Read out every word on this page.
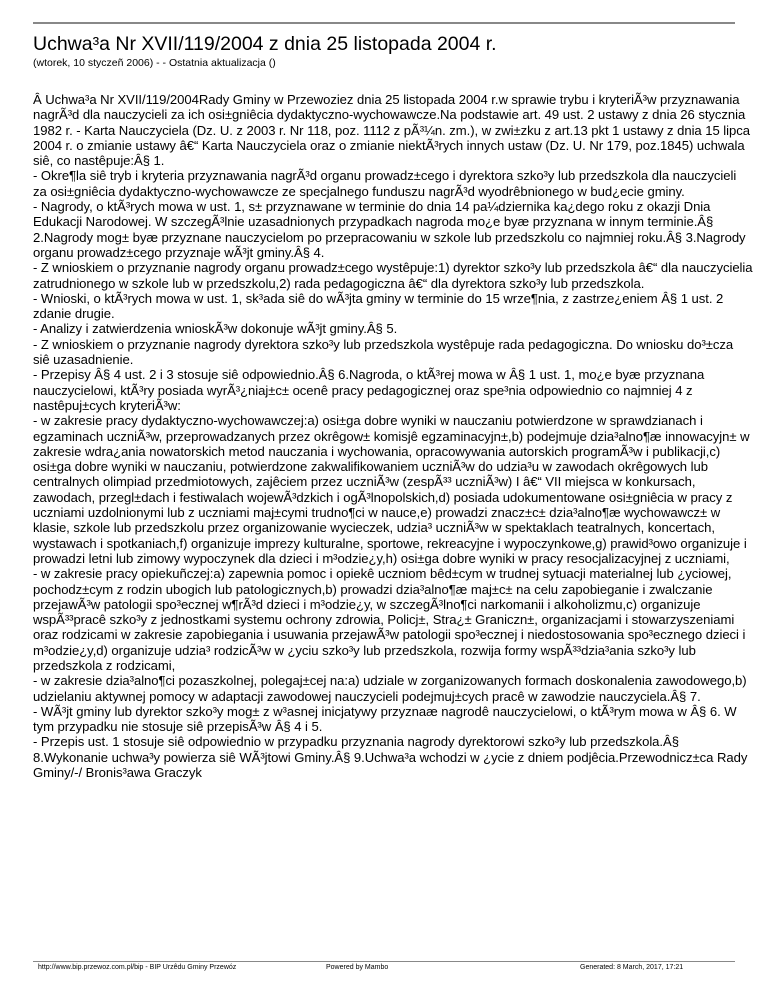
Uchwa³a Nr XVII/119/2004 z dnia 25 listopada 2004 r.
(wtorek, 10 styczeñ 2006) - - Ostatnia aktualizacja ()
Â Uchwa³a Nr XVII/119/2004Rady Gminy w Przewoziez dnia 25 listopada 2004 r.w sprawie trybu i kryteriÃ³w przyznawania nagrÃ³d dla nauczycieli za ich osi±gniêcia dydaktyczno-wychowawcze.Na podstawie art. 49 ust. 2 ustawy z dnia 26 stycznia 1982 r. - Karta Nauczyciela (Dz. U. z 2003 r. Nr 118, poz. 1112 z pÃ³¼n. zm.), w zwi±zku z art.13 pkt 1 ustawy z dnia 15 lipca 2004 r. o zmianie ustawy â€“ Karta Nauczyciela oraz o zmianie niektÃ³rych innych ustaw (Dz. U. Nr 179, poz.1845) uchwala siê, co nastêpuje:Â§ 1.
- Okre¶la siê tryb i kryteria przyznawania nagrÃ³d organu prowadz±cego i dyrektora szko³y lub przedszkola dla nauczycieli za osi±gniêcia dydaktyczno-wychowawcze ze specjalnego funduszu nagrÃ³d wyodrêbnionego w bud¿ecie gminy.
- Nagrody, o ktÃ³rych mowa w ust. 1, s± przyznawane w terminie do dnia 14 pa¼dziernika ka¿dego roku z okazji Dnia Edukacji Narodowej. W szczegÃ³lnie uzasadnionych przypadkach nagroda mo¿e byæ przyznana w innym terminie.Â§ 2.Nagrody mog± byæ przyznane nauczycielom po przepracowaniu w szkole lub przedszkolu co najmniej roku.Â§ 3.Nagrody organu prowadz±cego przyznaje wÃ³jt gminy.Â§ 4.
- Z wnioskiem o przyznanie nagrody organu prowadz±cego wystêpuje:1) dyrektor szko³y lub przedszkola â€“ dla nauczycielia zatrudnionego w szkole lub w przedszkolu,2) rada pedagogiczna â€“ dla dyrektora szko³y lub przedszkola.
- Wnioski, o ktÃ³rych mowa w ust. 1, sk³ada siê do wÃ³jta gminy w terminie do 15 wrze¶nia, z zastrze¿eniem Â§ 1 ust. 2 zdanie drugie.
- Analizy i zatwierdzenia wnioskÃ³w dokonuje wÃ³jt gminy.Â§ 5.
- Z wnioskiem o przyznanie nagrody dyrektora szko³y lub przedszkola wystêpuje rada pedagogiczna. Do wniosku do³±cza siê uzasadnienie.
- Przepisy Â§ 4 ust. 2 i 3 stosuje siê odpowiednio.Â§ 6.Nagroda, o ktÃ³rej mowa w Â§ 1 ust. 1, mo¿e byæ przyznana nauczycielowi, ktÃ³ry posiada wyrÃ³¿niaj±c± ocenê pracy pedagogicznej oraz spe³nia odpowiednio co najmniej 4 z nastêpuj±cych kryteriÃ³w:
- w zakresie pracy dydaktyczno-wychowawczej:a) osi±ga dobre wyniki w nauczaniu potwierdzone w sprawdzianach i egzaminach uczniÃ³w, przeprowadzanych przez okrêgow± komisjê egzaminacyjn±,b) podejmuje dzia³alno¶æ innowacyjn± w zakresie wdra¿ania nowatorskich metod nauczania i wychowania, opracowywania autorskich programÃ³w i publikacji,c) osi±ga dobre wyniki w nauczaniu, potwierdzone zakwalifikowaniem uczniÃ³w do udzia³u w zawodach okrêgowych lub centralnych olimpiad przedmiotowych, zajêciem przez uczniÃ³w (zespÃ³³ uczniÃ³w) I â€“ VII miejsca w konkursach, zawodach, przegl±dach i festiwalach wojewÃ³dzkich i ogÃ³lnopolskich,d) posiada udokumentowane osi±gniêcia w pracy z uczniami uzdolnionymi lub z uczniami maj±cymi trudno¶ci w nauce,e) prowadzi znacz±c± dzia³alno¶æ wychowawcz± w klasie, szkole lub przedszkolu przez organizowanie wycieczek, udzia³ uczniÃ³w w spektaklach teatralnych, koncertach, wystawach i spotkaniach,f) organizuje imprezy kulturalne, sportowe, rekreacyjne i wypoczynkowe,g) prawid³owo organizuje i prowadzi letni lub zimowy wypoczynek dla dzieci i m³odzie¿y,h) osi±ga dobre wyniki w pracy resocjalizacyjnej z uczniami,
- w zakresie pracy opiekuñczej:a) zapewnia pomoc i opiekê uczniom bêd±cym w trudnej sytuacji materialnej lub ¿yciowej, pochodz±cym z rodzin ubogich lub patologicznych,b) prowadzi dzia³alno¶æ maj±c± na celu zapobieganie i zwalczanie przejawÃ³w patologii spo³ecznej w¶rÃ³d dzieci i m³odzie¿y, w szczegÃ³lno¶ci narkomanii i alkoholizmu,c) organizuje wspÃ³³pracê szko³y z jednostkami systemu ochrony zdrowia, Policj±, Stra¿± Graniczn±, organizacjami i stowarzyszeniami oraz rodzicami w zakresie zapobiegania i usuwania przejawÃ³w patologii spo³ecznej i niedostosowania spo³ecznego dzieci i m³odzie¿y,d) organizuje udzia³ rodzicÃ³w w ¿yciu szko³y lub przedszkola, rozwija formy wspÃ³³dzia³ania szko³y lub przedszkola z rodzicami,
- w zakresie dzia³alno¶ci pozaszkolnej, polegaj±cej na:a) udziale w zorganizowanych formach doskonalenia zawodowego,b) udzielaniu aktywnej pomocy w adaptacji zawodowej nauczycieli podejmuj±cych pracê w zawodzie nauczyciela.Â§ 7.
- WÃ³jt gminy lub dyrektor szko³y mog± z w³asnej inicjatywy przyznaæ nagrodê nauczycielowi, o ktÃ³rym mowa w Â§ 6. W tym przypadku nie stosuje siê przepisÃ³w Â§ 4 i 5.
- Przepis ust. 1 stosuje siê odpowiednio w przypadku przyznania nagrody dyrektorowi szko³y lub przedszkola.Â§ 8.Wykonanie uchwa³y powierza siê WÃ³jtowi Gminy.Â§ 9.Uchwa³a wchodzi w ¿ycie z dniem podjêcia.Przewodnicz±ca Rady Gminy/-/ Bronis³awa Graczyk
http://www.bip.przewoz.com.pl/bip - BIP Urzêdu Gminy Przewóz	Powered by Mambo	Generated: 8 March, 2017, 17:21
